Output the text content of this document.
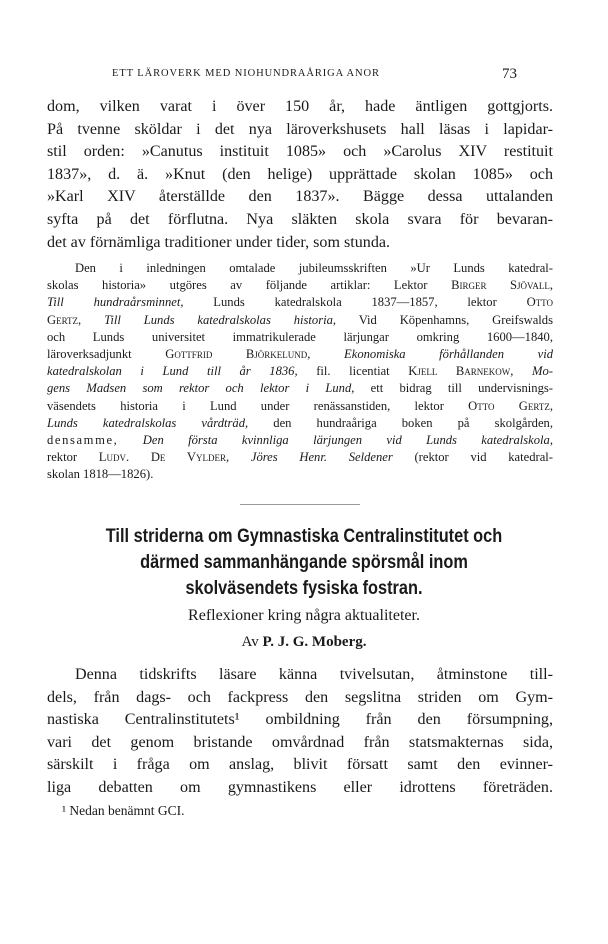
ETT LÄROVERK MED NIOHUNDRAÅRIGA ANOR	73
dom, vilken varat i över 150 år, hade äntligen gottgjorts.
På tvenne sköldar i det nya läroverkshusets hall läsas i lapidar-
stil orden: »Canutus instituit 1085» och »Carolus XIV restituit
1837», d. ä. »Knut (den helige) upprättade skolan 1085» och
»Karl XIV återställde den 1837». Bägge dessa uttalanden
syfta på det förflutna. Nya släkten skola svara för bevaran-
det av förnämliga traditioner under tider, som stunda.
Den i inledningen omtalade jubileumsskriften »Ur Lunds katedral-
skolas historia» utgöres av följande artiklar: Lektor Birger Sjövall,
Till hundraårsminnet, Lunds katedralskola 1837—1857, lektor Otto
Gertz, Till Lunds katedralskolas historia, Vid Köpenhamns, Greifswalds
och Lunds universitet immatrikulerade lärjungar omkring 1600—1840,
läroverksadjunkt Gottfrid Björkelund,	Ekonomiska förhållanden vid
katedralskolan i Lund till år 1836, fil. licentiat Kjell Barnekow, Mo-
gens Madsen som rektor och lektor i Lund, ett bidrag till undervisnings-
väsendets historia i Lund under renässanstiden, lektor Otto Gertz,
Lunds katedralskolas vårdträd, den hundraåriga boken på skolgården,
densamme, Den första kvinnliga lärjungen vid Lunds katedralskola,
rektor Ludv. De Vylder, Jöres Henr. Seldener (rektor vid katedral-
skolan 1818—1826).
Till striderna om Gymnastiska Centralinstitutet och
därmed sammanhängande spörsmål inom
skolväsendets fysiska fostran.
Reflexioner kring några aktualiteter.
Av P. J. G. Moberg.
Denna tidskrifts läsare känna tvivelsutan, åtminstone till-
dels, från dags- och fackpress den segslitna striden om Gym-
nastiska Centralinstitutets¹ ombildning från den försumpning,
vari det genom bristande omvårdnad från statsmakternas sida,
särskilt i fråga om anslag, blivit försatt samt den evinner-
liga debatten om gymnastikens eller idrottens företräden.
¹ Nedan benämnt GCI.
